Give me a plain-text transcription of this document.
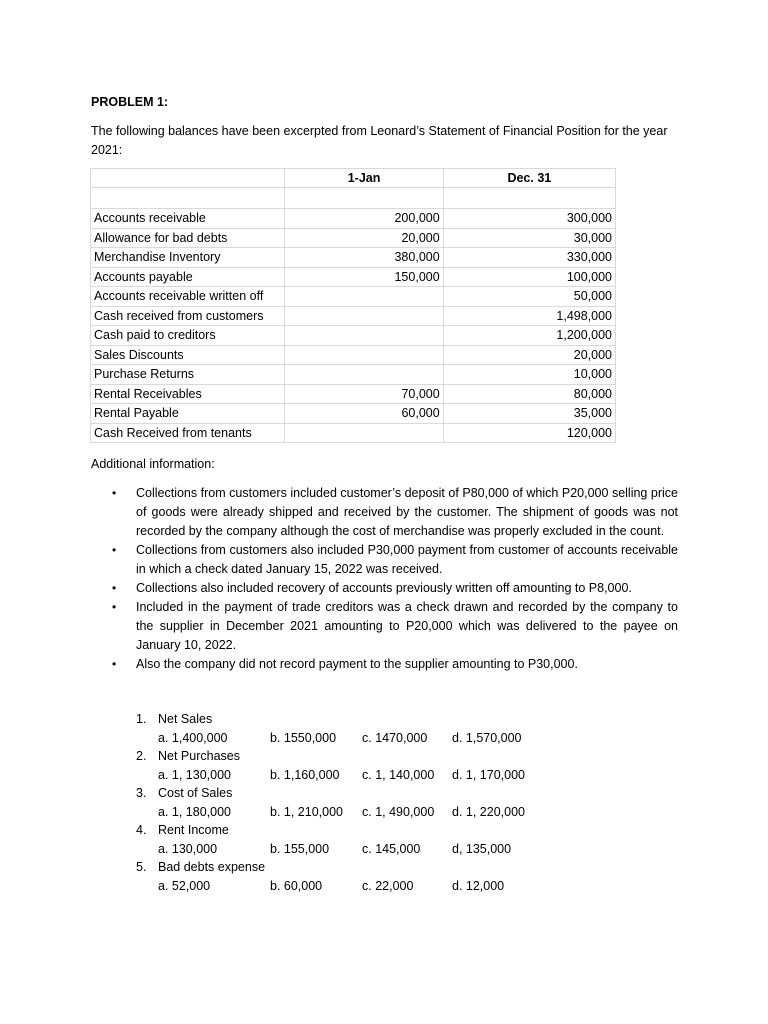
PROBLEM 1:
The following balances have been excerpted from Leonard’s Statement of Financial Position for the year 2021:
	1-Jan	Dec. 31

Accounts receivable	200,000	300,000
Allowance for bad debts	20,000	30,000
Merchandise Inventory	380,000	330,000
Accounts payable	150,000	100,000
Accounts receivable written off		50,000
Cash received from customers		1,498,000
Cash paid to creditors		1,200,000
Sales Discounts		20,000
Purchase Returns		10,000
Rental Receivables	70,000	80,000
Rental Payable	60,000	35,000
Cash Received from tenants		120,000
Additional information:
• Collections from customers included customer’s deposit of P80,000 of which P20,000 selling price of goods were already shipped and received by the customer. The shipment of goods was not recorded by the company although the cost of merchandise was properly excluded in the count.
• Collections from customers also included P30,000 payment from customer of accounts receivable in which a check dated January 15, 2022 was received.
• Collections also included recovery of accounts previously written off amounting to P8,000.
• Included in the payment of trade creditors was a check drawn and recorded by the company to the supplier in December 2021 amounting to P20,000 which was delivered to the payee on January 10, 2022.
• Also the company did not record payment to the supplier amounting to P30,000.
1. Net Sales
a. 1,400,000	b. 1550,000	c. 1470,000	d. 1,570,000
2. Net Purchases
a. 1, 130,000	b. 1,160,000	c. 1, 140,000	d. 1, 170,000
3. Cost of Sales
a. 1, 180,000	b. 1, 210,000	c. 1, 490,000	d. 1, 220,000
4. Rent Income
a. 130,000	b. 155,000	c. 145,000	d, 135,000
5. Bad debts expense
a. 52,000	b. 60,000	c. 22,000	d. 12,000
